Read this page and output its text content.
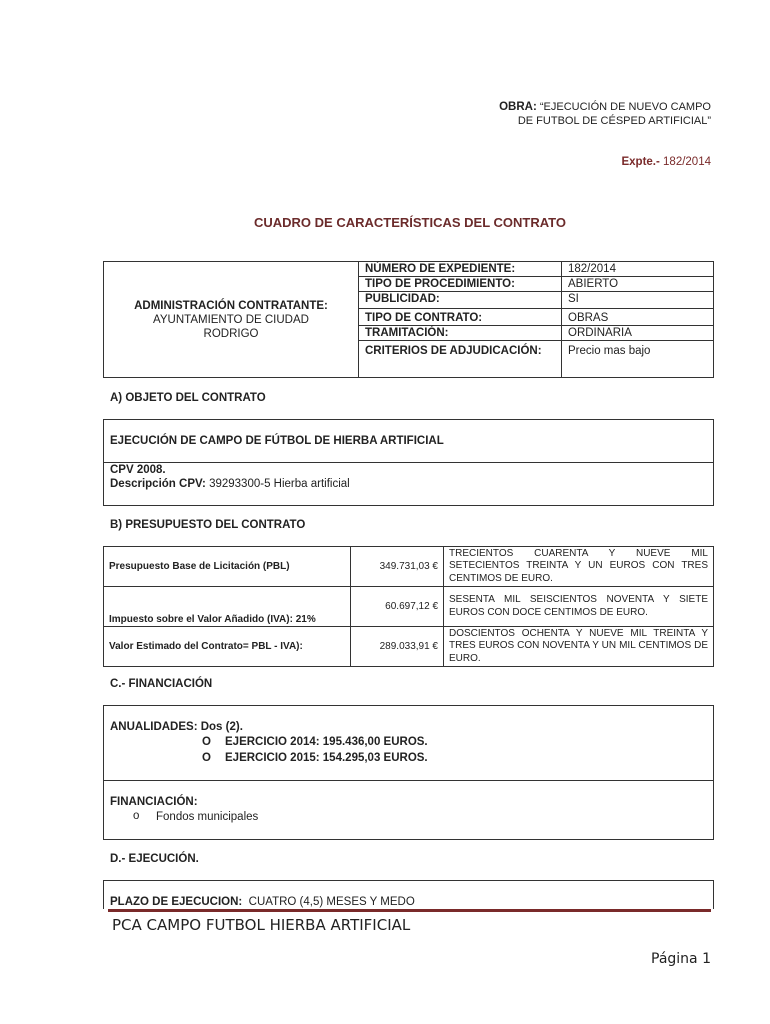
OBRA: “EJECUCIÓN DE NUEVO CAMPO
DE FUTBOL DE CÉSPED ARTIFICIAL”
Expte.- 182/2014
CUADRO DE CARACTERÍSTICAS DEL CONTRATO
ADMINISTRACIÓN CONTRATANTE:
AYUNTAMIENTO DE CIUDAD
RODRIGO	NÚMERO DE EXPEDIENTE:	182/2014
	TIPO DE PROCEDIMIENTO:	ABIERTO
	PUBLICIDAD:	SI
	TIPO DE CONTRATO:	OBRAS
	TRAMITACIÓN:	ORDINARIA
	CRITERIOS DE ADJUDICACIÓN:	Precio mas bajo
A) OBJETO DEL CONTRATO
EJECUCIÓN DE CAMPO DE FÚTBOL DE HIERBA ARTIFICIAL
CPV 2008.
Descripción CPV: 39293300-5 Hierba artificial
B) PRESUPUESTO DEL CONTRATO
Presupuesto Base de Licitación (PBL)	349.731,03 €	TRECIENTOS CUARENTA Y NUEVE MIL SETECIENTOS TREINTA Y UN EUROS CON TRES CENTIMOS DE EURO.
Impuesto sobre el Valor Añadido (IVA): 21%	60.697,12 €	SESENTA MIL SEISCIENTOS NOVENTA Y SIETE EUROS CON DOCE CENTIMOS DE EURO.
Valor Estimado del Contrato= PBL - IVA):	289.033,91 €	DOSCIENTOS OCHENTA Y NUEVE MIL TREINTA Y TRES EUROS CON NOVENTA Y UN MIL CENTIMOS DE EURO.
C.- FINANCIACIÓN
ANUALIDADES: Dos (2).
O EJERCICIO 2014: 195.436,00 EUROS.
O EJERCICIO 2015: 154.295,03 EUROS.
FINANCIACIÓN:
o Fondos municipales
D.- EJECUCIÓN.
PLAZO DE EJECUCION: CUATRO (4,5) MESES Y MEDO
PCA CAMPO FUTBOL HIERBA ARTIFICIAL
Página 1
